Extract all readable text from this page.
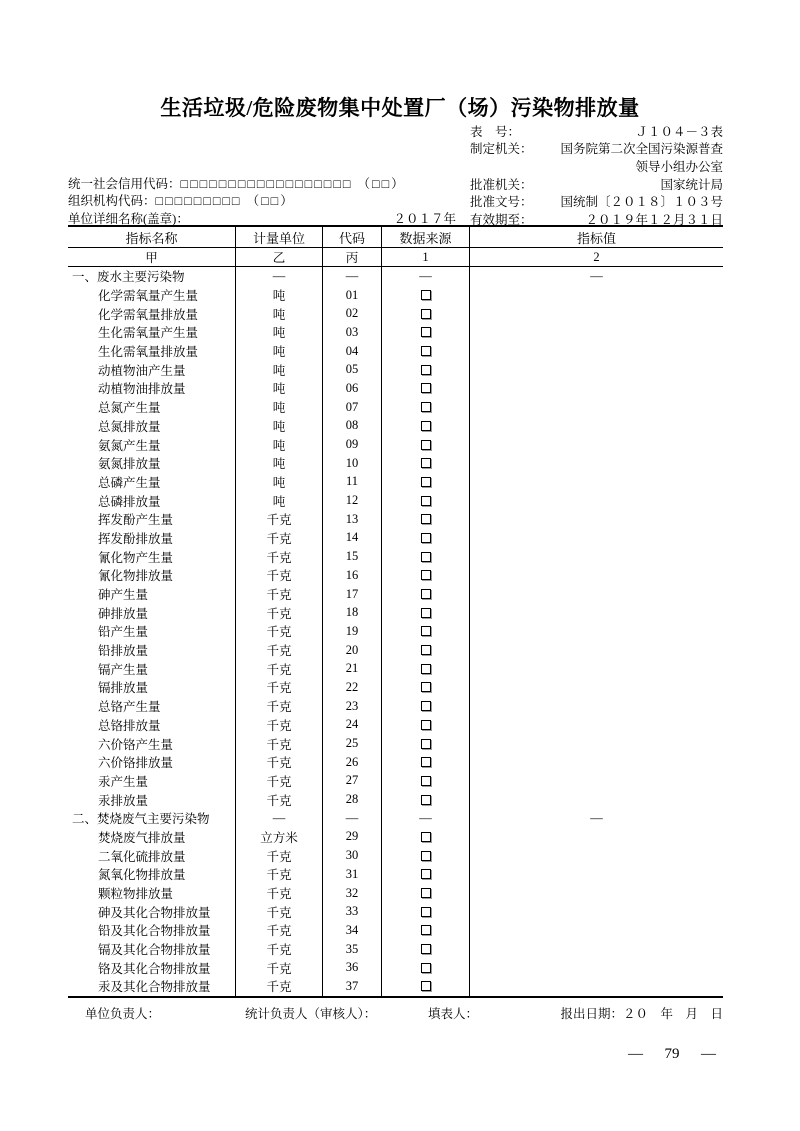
生活垃圾/危险废物集中处置厂（场）污染物排放量
表　号：	Ｊ１０４－３表
制定机关： 国务院第二次全国污染源普查
领导小组办公室
批准机关：	国家统计局
批准文号： 国统制〔２０１８〕１０３号
有效期至：	２０１９年１２月３１日
统一社会信用代码：□□□□□□□□□□□□□□□□□□ （□□）
组织机构代码：□□□□□□□□□ （□□）
单位详细名称(盖章)：	２０１７年
指标名称	计量单位	代码	数据来源	指标值
甲	乙	丙	1	2
一、废水主要污染物	—	—	—	—
化学需氧量产生量	吨	01
化学需氧量排放量	吨	02
生化需氧量产生量	吨	03
生化需氧量排放量	吨	04
动植物油产生量	吨	05
动植物油排放量	吨	06
总氮产生量	吨	07
总氮排放量	吨	08
氨氮产生量	吨	09
氨氮排放量	吨	10
总磷产生量	吨	11
总磷排放量	吨	12
挥发酚产生量	千克	13
挥发酚排放量	千克	14
氰化物产生量	千克	15
氰化物排放量	千克	16
砷产生量	千克	17
砷排放量	千克	18
铅产生量	千克	19
铅排放量	千克	20
镉产生量	千克	21
镉排放量	千克	22
总铬产生量	千克	23
总铬排放量	千克	24
六价铬产生量	千克	25
六价铬排放量	千克	26
汞产生量	千克	27
汞排放量	千克	28
二、焚烧废气主要污染物	—	—	—	—
焚烧废气排放量	立方米	29
二氧化硫排放量	千克	30
氮氧化物排放量	千克	31
颗粒物排放量	千克	32
砷及其化合物排放量	千克	33
铅及其化合物排放量	千克	34
镉及其化合物排放量	千克	35
铬及其化合物排放量	千克	36
汞及其化合物排放量	千克	37
单位负责人：	统计负责人（审核人）：	填表人：	报出日期：２０　年　月　日
— 79 —
